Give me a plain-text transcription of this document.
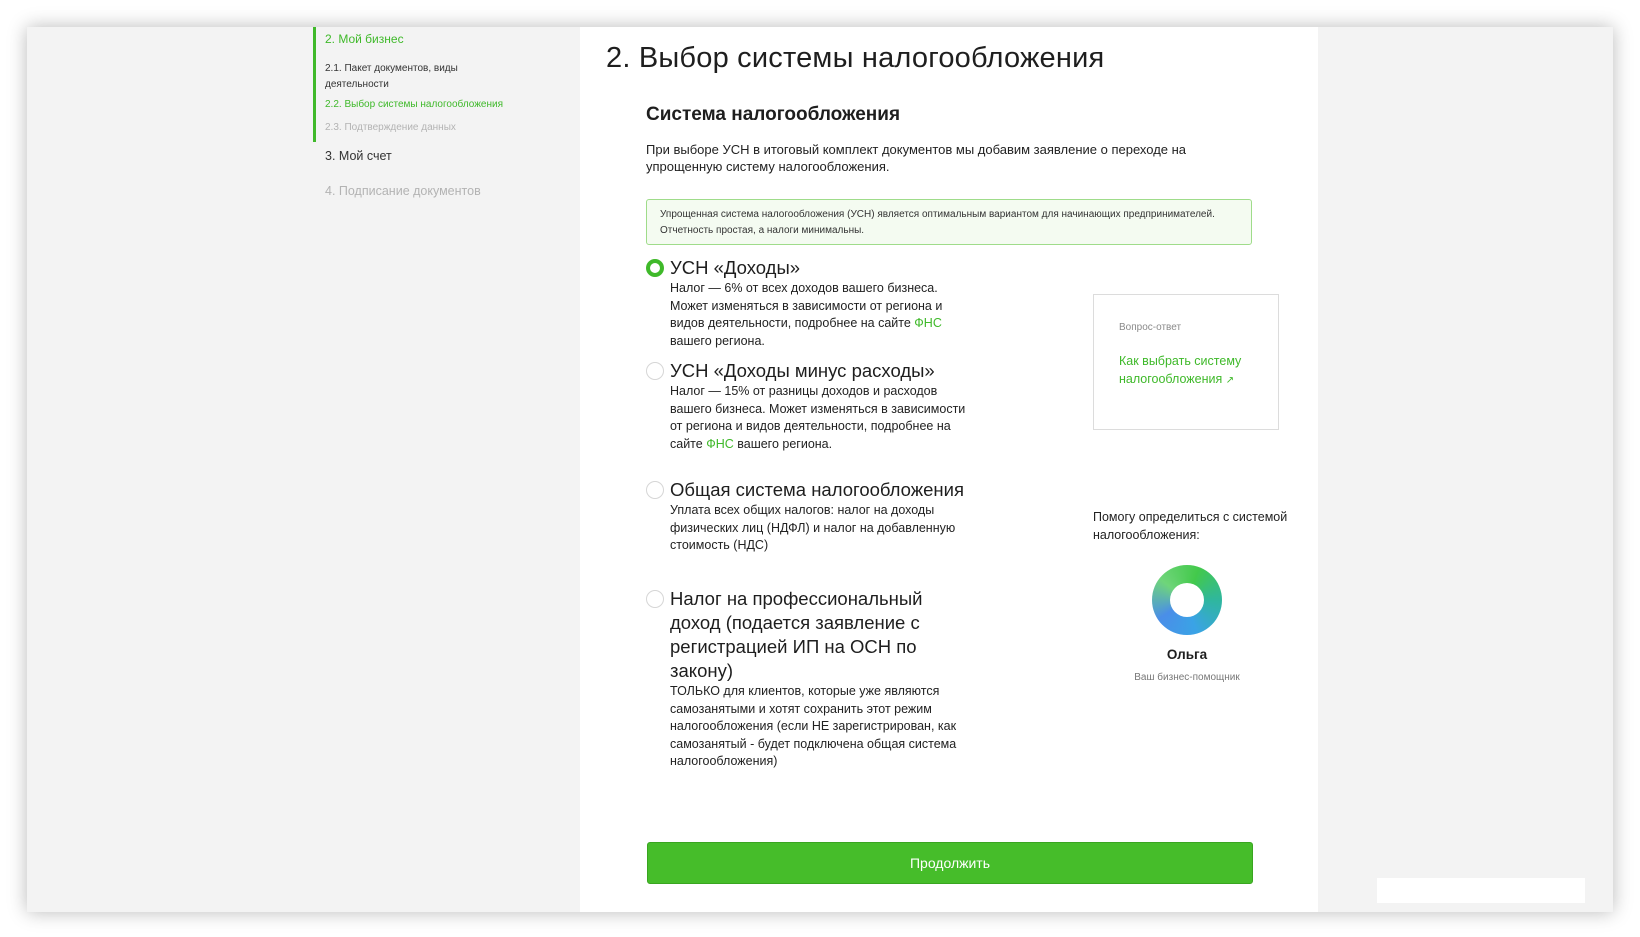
2. Мой бизнес
2.1. Пакет документов, виды деятельности
2.2. Выбор системы налогообложения
2.3. Подтверждение данных
3. Мой счет
4. Подписание документов
2. Выбор системы налогообложения
Система налогообложения

При выборе УСН в итоговый комплект документов мы добавим заявление о переходе на упрощенную систему налогообложения.

Упрощенная система налогообложения (УСН) является оптимальным вариантом для начинающих предпринимателей. Отчетность простая, а налоги минимальны.
УСН «Доходы»
Налог — 6% от всех доходов вашего бизнеса. Может изменяться в зависимости от региона и видов деятельности, подробнее на сайте ФНС вашего региона.
УСН «Доходы минус расходы»
Налог — 15% от разницы доходов и расходов вашего бизнеса. Может изменяться в зависимости от региона и видов деятельности, подробнее на сайте ФНС вашего региона.
Общая система налогообложения
Уплата всех общих налогов: налог на доходы физических лиц (НДФЛ) и налог на добавленную стоимость (НДС)
Налог на профессиональный доход (подается заявление с регистрацией ИП на ОСН по закону)
ТОЛЬКО для клиентов, которые уже являются самозанятыми и хотят сохранить этот режим налогообложения (если НЕ зарегистрирован, как самозанятый - будет подключена общая система налогообложения)
Вопрос-ответ
Как выбрать систему налогообложения ↗
Помогу определиться с системой налогообложения:
Ольга
Ваш бизнес-помощник
Продолжить
